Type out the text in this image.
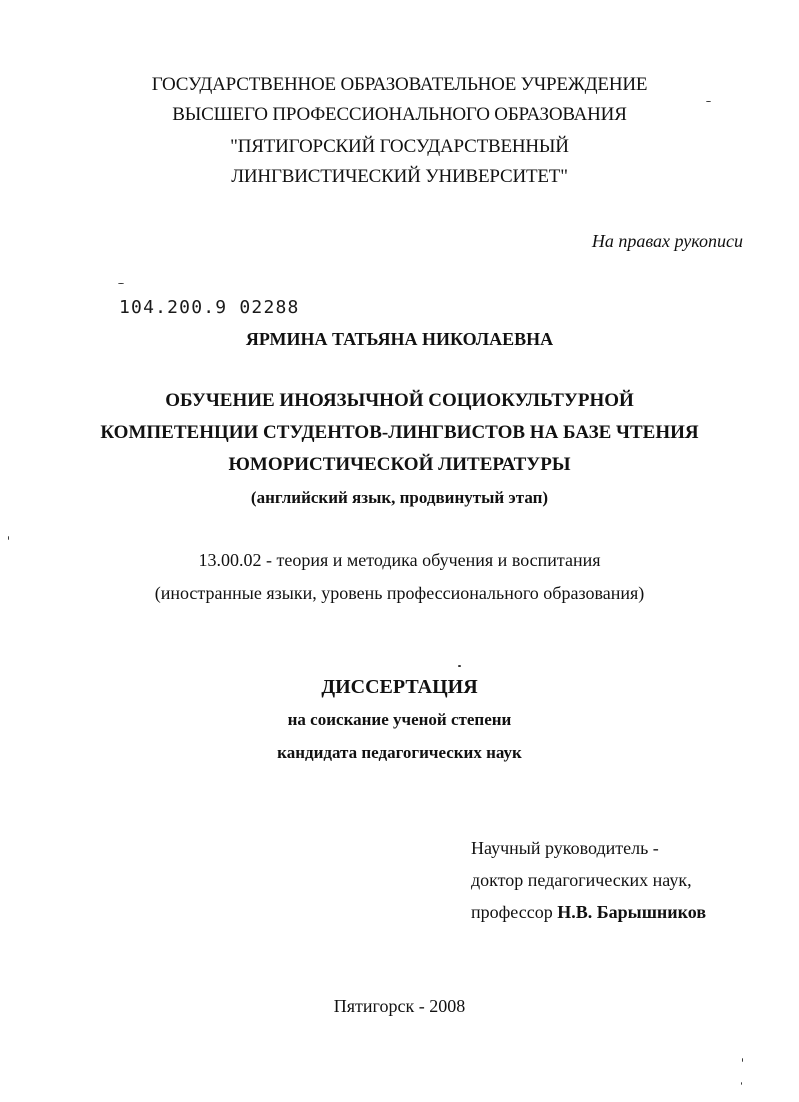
ГОСУДАРСТВЕННОЕ ОБРАЗОВАТЕЛЬНОЕ УЧРЕЖДЕНИЕ
ВЫСШЕГО ПРОФЕССИОНАЛЬНОГО ОБРАЗОВАНИЯ
"ПЯТИГОРСКИЙ ГОСУДАРСТВЕННЫЙ
ЛИНГВИСТИЧЕСКИЙ УНИВЕРСИТЕТ"
На правах рукописи
104.200.9 02288
ЯРМИНА ТАТЬЯНА НИКОЛАЕВНА
ОБУЧЕНИЕ ИНОЯЗЫЧНОЙ СОЦИОКУЛЬТУРНОЙ
КОМПЕТЕНЦИИ СТУДЕНТОВ-ЛИНГВИСТОВ НА БАЗЕ ЧТЕНИЯ
ЮМОРИСТИЧЕСКОЙ ЛИТЕРАТУРЫ
(английский язык, продвинутый этап)
13.00.02 - теория и методика обучения и воспитания
(иностранные языки, уровень профессионального образования)
ДИССЕРТАЦИЯ
на соискание ученой степени
кандидата педагогических наук
Научный руководитель -
доктор педагогических наук,
профессор Н.В. Барышников
Пятигорск - 2008
